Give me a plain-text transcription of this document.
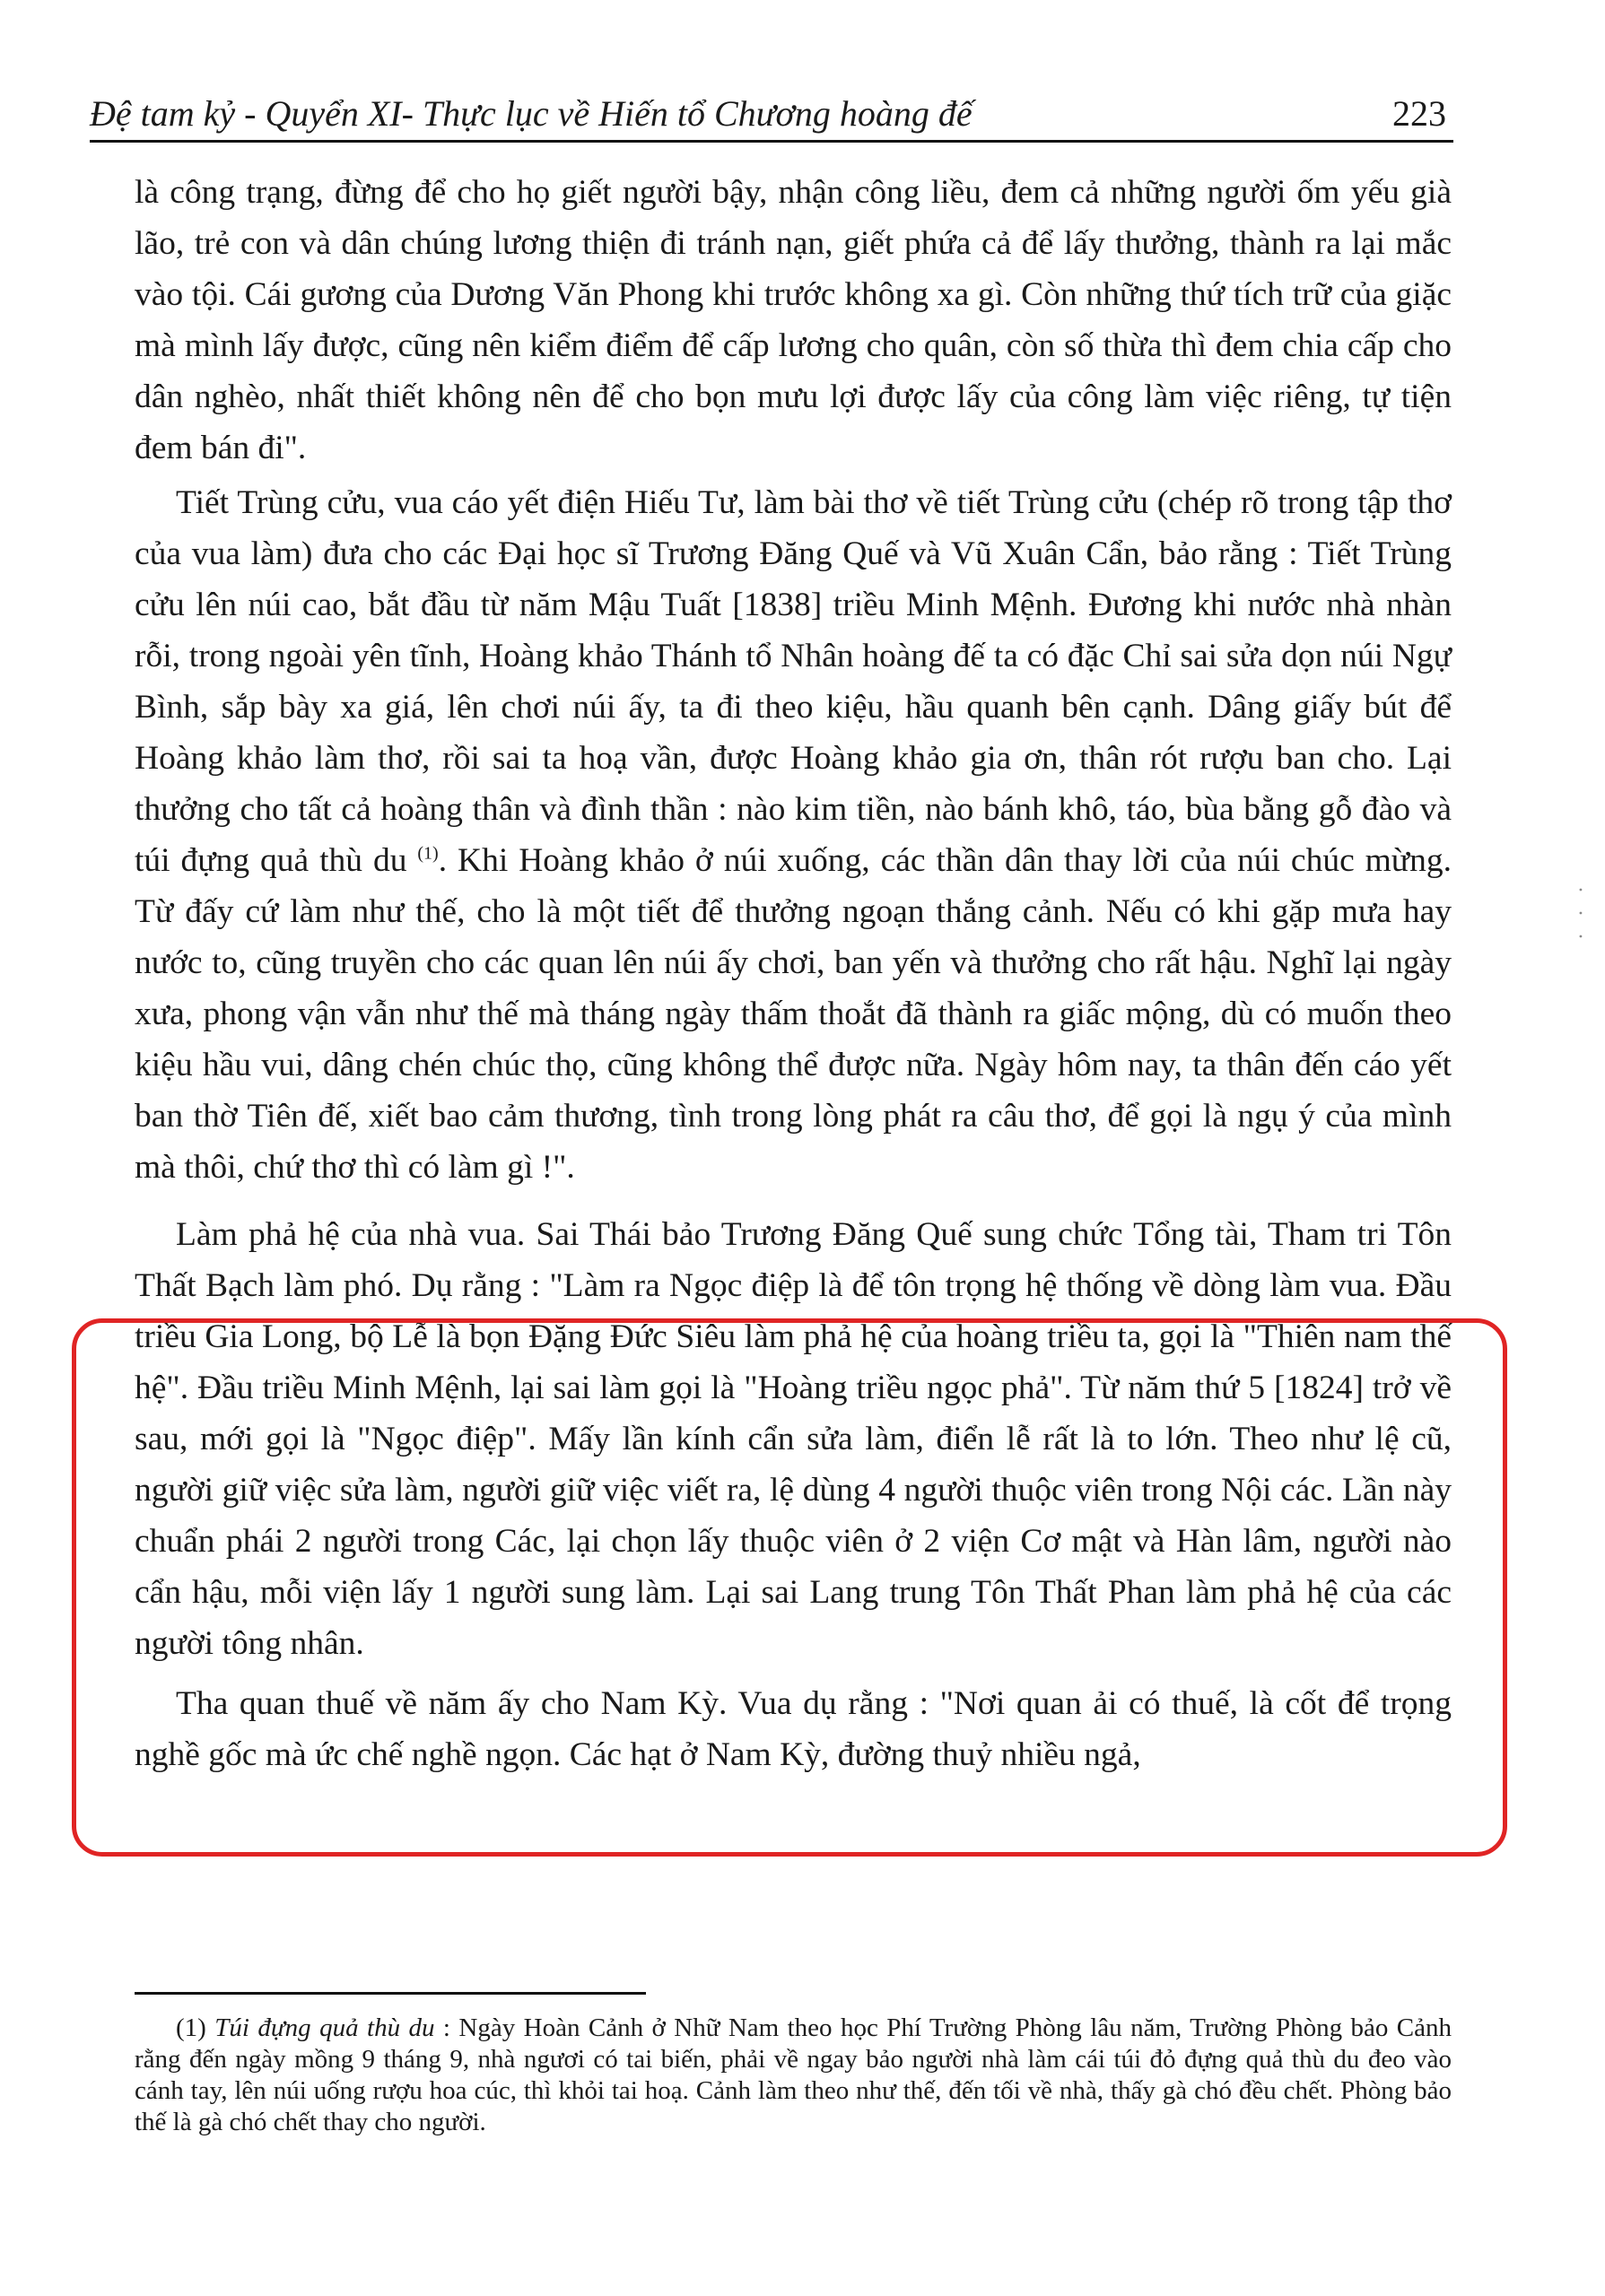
Đệ tam kỷ - Quyển XI- Thực lục về Hiến tổ Chương hoàng đế	223

là công trạng, đừng để cho họ giết người bậy, nhận công liều, đem cả những người ốm yếu già lão, trẻ con và dân chúng lương thiện đi tránh nạn, giết phứa cả để lấy thưởng, thành ra lại mắc vào tội. Cái gương của Dương Văn Phong khi trước không xa gì. Còn những thứ tích trữ của giặc mà mình lấy được, cũng nên kiểm điểm để cấp lương cho quân, còn số thừa thì đem chia cấp cho dân nghèo, nhất thiết không nên để cho bọn mưu lợi được lấy của công làm việc riêng, tự tiện đem bán đi".

Tiết Trùng cửu, vua cáo yết điện Hiếu Tư, làm bài thơ về tiết Trùng cửu (chép rõ trong tập thơ của vua làm) đưa cho các Đại học sĩ Trương Đăng Quế và Vũ Xuân Cẩn, bảo rằng : Tiết Trùng cửu lên núi cao, bắt đầu từ năm Mậu Tuất [1838] triều Minh Mệnh. Đương khi nước nhà nhàn rỗi, trong ngoài yên tĩnh, Hoàng khảo Thánh tổ Nhân hoàng đế ta có đặc Chỉ sai sửa dọn núi Ngự Bình, sắp bày xa giá, lên chơi núi ấy, ta đi theo kiệu, hầu quanh bên cạnh. Dâng giấy bút để Hoàng khảo làm thơ, rồi sai ta hoạ vần, được Hoàng khảo gia ơn, thân rót rượu ban cho. Lại thưởng cho tất cả hoàng thân và đình thần : nào kim tiền, nào bánh khô, táo, bùa bằng gỗ đào và túi đựng quả thù du $^{(1)}$. Khi Hoàng khảo ở núi xuống, các thần dân thay lời của núi chúc mừng. Từ đấy cứ làm như thế, cho là một tiết để thưởng ngoạn thắng cảnh. Nếu có khi gặp mưa hay nước to, cũng truyền cho các quan lên núi ấy chơi, ban yến và thưởng cho rất hậu. Nghĩ lại ngày xưa, phong vận vẫn như thế mà tháng ngày thấm thoắt đã thành ra giấc mộng, dù có muốn theo kiệu hầu vui, dâng chén chúc thọ, cũng không thể được nữa. Ngày hôm nay, ta thân đến cáo yết ban thờ Tiên đế, xiết bao cảm thương, tình trong lòng phát ra câu thơ, để gọi là ngụ ý của mình mà thôi, chứ thơ thì có làm gì !".

Làm phả hệ của nhà vua. Sai Thái bảo Trương Đăng Quế sung chức Tổng tài, Tham tri Tôn Thất Bạch làm phó. Dụ rằng : "Làm ra Ngọc điệp là để tôn trọng hệ thống về dòng làm vua. Đầu triều Gia Long, bộ Lễ là bọn Đặng Đức Siêu làm phả hệ của hoàng triều ta, gọi là "Thiên nam thế hệ". Đầu triều Minh Mệnh, lại sai làm gọi là "Hoàng triều ngọc phả". Từ năm thứ 5 [1824] trở về sau, mới gọi là "Ngọc điệp". Mấy lần kính cẩn sửa làm, điển lễ rất là to lớn. Theo như lệ cũ, người giữ việc sửa làm, người giữ việc viết ra, lệ dùng 4 người thuộc viên trong Nội các. Lần này chuẩn phái 2 người trong Các, lại chọn lấy thuộc viên ở 2 viện Cơ mật và Hàn lâm, người nào cẩn hậu, mỗi viện lấy 1 người sung làm. Lại sai Lang trung Tôn Thất Phan làm phả hệ của các người tông nhân.

Tha quan thuế về năm ấy cho Nam Kỳ. Vua dụ rằng : "Nơi quan ải có thuế, là cốt để trọng nghề gốc mà ức chế nghề ngọn. Các hạt ở Nam Kỳ, đường thuỷ nhiều ngả,

(1) Túi đựng quả thù du : Ngày Hoàn Cảnh ở Nhữ Nam theo học Phí Trường Phòng lâu năm, Trường Phòng bảo Cảnh rằng đến ngày mồng 9 tháng 9, nhà ngươi có tai biến, phải về ngay bảo người nhà làm cái túi đỏ đựng quả thù du đeo vào cánh tay, lên núi uống rượu hoa cúc, thì khỏi tai hoạ. Cảnh làm theo như thế, đến tối về nhà, thấy gà chó đều chết. Phòng bảo thế là gà chó chết thay cho người.

· · ·
